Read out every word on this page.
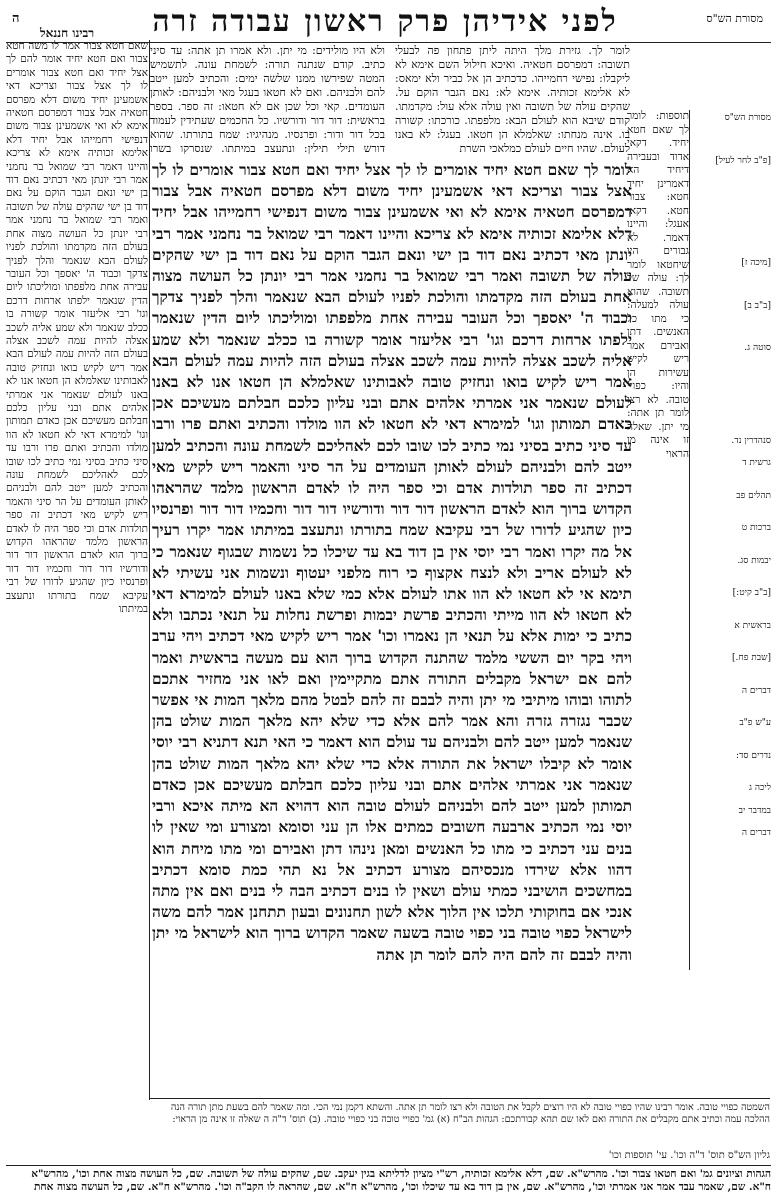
מסורת הש"ס
לפני אידיהן פרק ראשון עבודה זרה
ה
רבינו חננאל
שאם חטא צבור אמר לו משה חטא צבור ואם חטא יחיד אומר להם לך אצל יחיד ואם חטא צבור אומרים לו לך אצל צבור וצריכא דאי אשמעינן יחיד משום דלא מפרסם חטאיה אבל צבור דמפרסם חטאיה אימא לא ואי אשמעינן צבור משום דנפישי רחמייהו אבל יחיד דלא אלימא זכותיה אימא לא צריכא והיינו דאמר רבי שמואל בר נחמני אמר רבי יונתן מאי דכתיב נאם דוד בן ישי ונאם הגבר הוקם על נאם דוד בן ישי שהקים עולה של תשובה ואמר רבי שמואל בר נחמני אמר רבי יונתן כל העושה מצוה אחת בעולם הזה מקדמתו והולכת לפניו לעולם הבא שנאמר והלך לפניך צדקך וכבוד ה' יאספך וכל העובר עבירה אחת מלפפתו ומוליכתו ליום הדין שנאמר ילפתו ארחות דרכם וגו' רבי אליעזר אומר קשורה בו ככלב שנאמר ולא שמע אליה לשכב אצלה להיות עמה לשכב אצלה בעולם הזה להיות עמה לעולם הבא אמר ריש לקיש בואו ונחזיק טובה לאבותינו שאלמלא הן חטאו אנו לא באנו לעולם שנאמר אני אמרתי אלהים אתם ובני עליון כלכם חבלתם מעשיכם אכן כאדם תמותון וגו' למימרא דאי לא חטאו לא הוו מולדו והכתיב ואתם פרו ורבו עד סיני כתיב בסיני נמי כתיב לכו שובו לכם לאהליכם לשמחת עונה והכתיב למען ייטב להם ולבניהם לאותן העומדים על הר סיני והאמר ריש לקיש מאי דכתיב זה ספר תולדות אדם וכי ספר היה לו לאדם הראשון מלמד שהראהו הקדוש ברוך הוא לאדם הראשון דור דור ודורשיו דור דור וחכמיו דור דור ופרנסיו כיון שהגיע לדורו של רבי עקיבא שמח בתורתו ונתעצב במיתתו
לומר לך. גזירת מלך היתה ליתן פתחון פה לבעלי תשובה: דמפרסם חטאיה. ואיכא חילול השם אימא לא ליקבלו: נפישי רחמייהו. כדכתיב הן אל כביר ולא ימאס: לא אלימא זכותיה. אימא לא: נאם הגבר הוקם על. שהקים עולה של תשובה ואין עולה אלא עול: מקדמתו. קודם שיבא הוא לעולם הבא: מלפפתו. כורכתו: קשורה בו. אינה מנחתו: שאלמלא הן חטאו. בעגל: לא באנו לעולם. שהיו חיים לעולם כמלאכי השרת
ולא היו מולידים: מי יתן. ולא אמרו תן אתה: עד סיני כתיב. קודם שנתנה תורה: לשמחת עונה. לתשמיש המטה שפירשו ממנו שלשה ימים: והכתיב למען ייטב להם ולבניהם. ואם לא חטאו בעגל מאי ולבניהם: לאותן העומדים. קאי וכל שכן אם לא חטאו: זה ספר. בספר בראשית: דור דור ודורשיו. כל החכמים שעתידין לעמוד בכל דור ודור: ופרנסיו. מנהיגיו: שמח בתורתו. שהוא דורש תילי תילין: ונתעצב במיתתו. שנסרקו בשרו
לומר לך שאם חטא יחיד אומרים לו לך אצל יחיד ואם חטא צבור אומרים לו לך אצל צבור וצריכא דאי אשמעינן יחיד משום דלא מפרסם חטאיה אבל צבור דמפרסם חטאיה אימא לא ואי אשמעינן צבור משום דנפישי רחמייהו אבל יחיד דלא אלימא זכותיה אימא לא צריכא והיינו דאמר רבי שמואל בר נחמני אמר רבי יונתן מאי דכתיב נאם דוד בן ישי ונאם הגבר הוקם על נאם דוד בן ישי שהקים עולה של תשובה ואמר רבי שמואל בר נחמני אמר רבי יונתן כל העושה מצוה אחת בעולם הזה מקדמתו והולכת לפניו לעולם הבא שנאמר והלך לפניך צדקך וכבוד ה' יאספך וכל העובר עבירה אחת מלפפתו ומוליכתו ליום הדין שנאמר ילפתו ארחות דרכם וגו' רבי אליעזר אומר קשורה בו ככלב שנאמר ולא שמע אליה לשכב אצלה להיות עמה לשכב אצלה בעולם הזה להיות עמה לעולם הבא אמר ריש לקיש בואו ונחזיק טובה לאבותינו שאלמלא הן חטאו אנו לא באנו לעולם שנאמר אני אמרתי אלהים אתם ובני עליון כלכם חבלתם מעשיכם אכן כאדם תמותון וגו' למימרא דאי לא חטאו לא הוו מולדו והכתיב ואתם פרו ורבו עד סיני כתיב בסיני נמי כתיב לכו שובו לכם לאהליכם לשמחת עונה והכתיב למען ייטב להם ולבניהם לעולם לאותן העומדים על הר סיני והאמר ריש לקיש מאי דכתיב זה ספר תולדות אדם וכי ספר היה לו לאדם הראשון מלמד שהראהו הקדוש ברוך הוא לאדם הראשון דור דור ודורשיו דור דור וחכמיו דור דור ופרנסיו כיון שהגיע לדורו של רבי עקיבא שמח בתורתו ונתעצב במיתתו אמר יקרו רעיך אל מה יקרו ואמר רבי יוסי אין בן דוד בא עד שיכלו כל נשמות שבגוף שנאמר כי לא לעולם אריב ולא לנצח אקצוף כי רוח מלפני יעטוף ונשמות אני עשיתי לא תימא אי לא חטאו לא הוו אתו לעולם אלא כמי שלא באנו לעולם למימרא דאי לא חטאו לא הוו מייתי והכתיב פרשת יבמות ופרשת נחלות על תנאי נכתבו ולא כתיב כי ימות אלא על תנאי הן נאמרו וכו' אמר ריש לקיש מאי דכתיב ויהי ערב ויהי בקר יום הששי מלמד שהתנה הקדוש ברוך הוא עם מעשה בראשית ואמר להם אם ישראל מקבלים התורה אתם מתקיימין ואם לאו אני מחזיר אתכם לתוהו ובוהו מיתיבי מי יתן והיה לבבם זה להם לבטל מהם מלאך המות אי אפשר שכבר נגזרה גזרה והא אמר להם אלא כדי שלא יהא מלאך המות שולט בהן שנאמר למען ייטב להם ולבניהם עד עולם הוא דאמר כי האי תנא דתניא רבי יוסי אומר לא קיבלו ישראל את התורה אלא כדי שלא יהא מלאך המות שולט בהן שנאמר אני אמרתי אלהים אתם ובני עליון כלכם חבלתם מעשיכם אכן כאדם תמותון למען ייטב להם ולבניהם לעולם טובה הוא דהויא הא מיתה איכא ורבי יוסי נמי הכתיב ארבעה חשובים כמתים אלו הן עני וסומא ומצורע ומי שאין לו בנים עני דכתיב כי מתו כל האנשים ומאן נינהו דתן ואבירם ומי מתו מיחת הוא דהוו אלא שירדו מנכסיהם מצורע דכתיב אל נא תהי כמת סומא דכתיב במחשכים הושיבני כמתי עולם ושאין לו בנים דכתיב הבה לי בנים ואם אין מתה אנכי אם בחוקותי תלכו אין הלוך אלא לשון תחנונים ובעון תתחנן אמר להם משה לישראל כפוי טובה בני כפוי טובה בשעה שאמר הקדוש ברוך הוא לישראל מי יתן והיה לבבם זה להם היה להם לומר תן אתה
תוספות: לומר לך שאם חטא יחיד. דקאי אדוד ובעבירה דיחיד הא דאמרינן יחיד חטא: צבור חטא. דקאי אעגל: והיינו דאמר. לא גבורים היו שיחטאו לומר לך: עולה של תשובה. שהוא עולה למעלה: כי מתו כל האנשים. דתן ואבירם אמר ריש לקיש עשירות הן והיו: כפויי טובה. לא רצו לומר תן אתה: מי יתן. שאלה זו אינה מן הראוי
מסורת הש"ס
[פ"ב לחר לעיל]
[מיכה ז]
[ב"ב ב]
סוטה ג.
סנהדרין נד.
גרשית ד
תהלים פב
ברכות ט
יבמות סג.
[ב"ב קיט:]
בראשית א
[שבת פח.]
דברים ה
ע"ש פ"ב
נדרים סד:
ליכה ג
במדבר יב
דברים ה
השמטה כפויי טובה. אומר רבינו שהיו כפויי טובה לא היו רוצים לקבל את הטובה ולא רצו לומר תן אתה. והשתא דקמן נמי הכי. ומה שאמר להם בשעת מתן תורה הנה ההלכה עמה וכתיב אתם מקבלים את התורה ואם לאו שם תהא קבורתכם: הגהות הב"ח (א) גמ' כפויי טובה בני כפויי טובה. (ב) תוס' ד"ה ה שאלה זו אינה מן הראוי:
גליון הש"ס תוס' ד"ה וכו'. עי' תוספות וכו'
הגהות וציונים גמ' ואם חטאו צבור וכו'. מהרש"א. שם, דלא אלימא זכותיה, רש"י מציון לדליתא בגין יעקב. שם, שהקים עולה של תשובה. שם, כל העושה מצוה אחת וכו', מהרש"א ח"א. שם, שאמר עבד אמר אני אמרתי וכו', מהרש"א. שם, אין בן דוד בא עד שיכלו וכו', מהרש"א ח"א. שם, שהראה לו הקב"ה וכו'. מהרש"א ח"א. שם, כל העושה מצוה אחת
